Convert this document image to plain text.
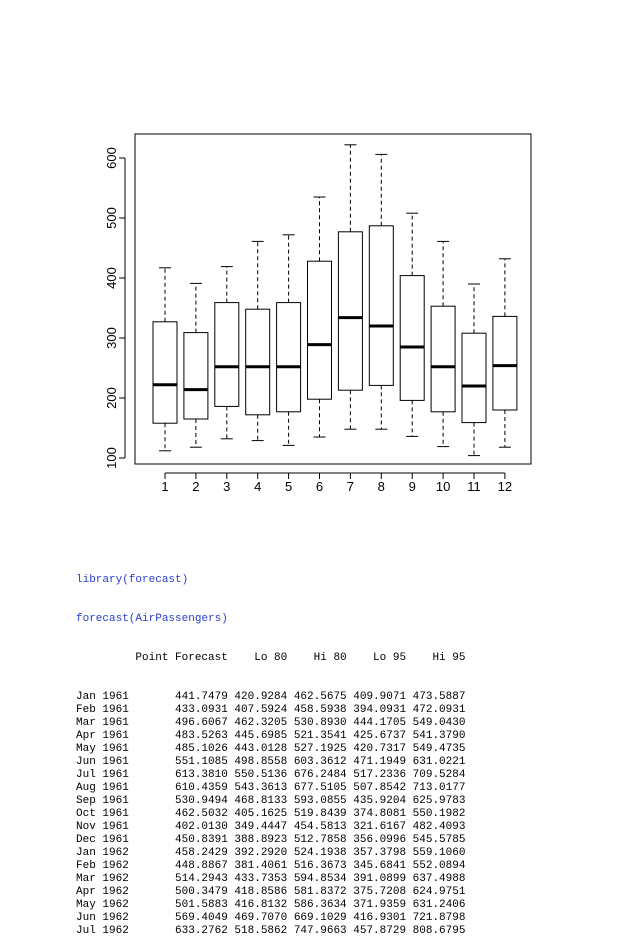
100
200
300
400
500
600
1 2 3 4 5 6 7 8 9 10 11 12

library(forecast)

forecast(AirPassengers)

Point Forecast    Lo 80    Hi 80    Lo 95    Hi 95

Jan 1961       441.7479 420.9284 462.5675 409.9071 473.5887
Feb 1961       433.0931 407.5924 458.5938 394.0931 472.0931
Mar 1961       496.6067 462.3205 530.8930 444.1705 549.0430
Apr 1961       483.5263 445.6985 521.3541 425.6737 541.3790
May 1961       485.1026 443.0128 527.1925 420.7317 549.4735
Jun 1961       551.1085 498.8558 603.3612 471.1949 631.0221
Jul 1961       613.3810 550.5136 676.2484 517.2336 709.5284
Aug 1961       610.4359 543.3613 677.5105 507.8542 713.0177
Sep 1961       530.9494 468.8133 593.0855 435.9204 625.9783
Oct 1961       462.5032 405.1625 519.8439 374.8081 550.1982
Nov 1961       402.0130 349.4447 454.5813 321.6167 482.4093
Dec 1961       450.8391 388.8923 512.7858 356.0996 545.5785
Jan 1962       458.2429 392.2920 524.1938 357.3798 559.1060
Feb 1962       448.8867 381.4061 516.3673 345.6841 552.0894
Mar 1962       514.2943 433.7353 594.8534 391.0899 637.4988
Apr 1962       500.3479 418.8586 581.8372 375.7208 624.9751
May 1962       501.5883 416.8132 586.3634 371.9359 631.2406
Jun 1962       569.4049 469.7070 669.1029 416.9301 721.8798
Jul 1962       633.2762 518.5862 747.9663 457.8729 808.6795
